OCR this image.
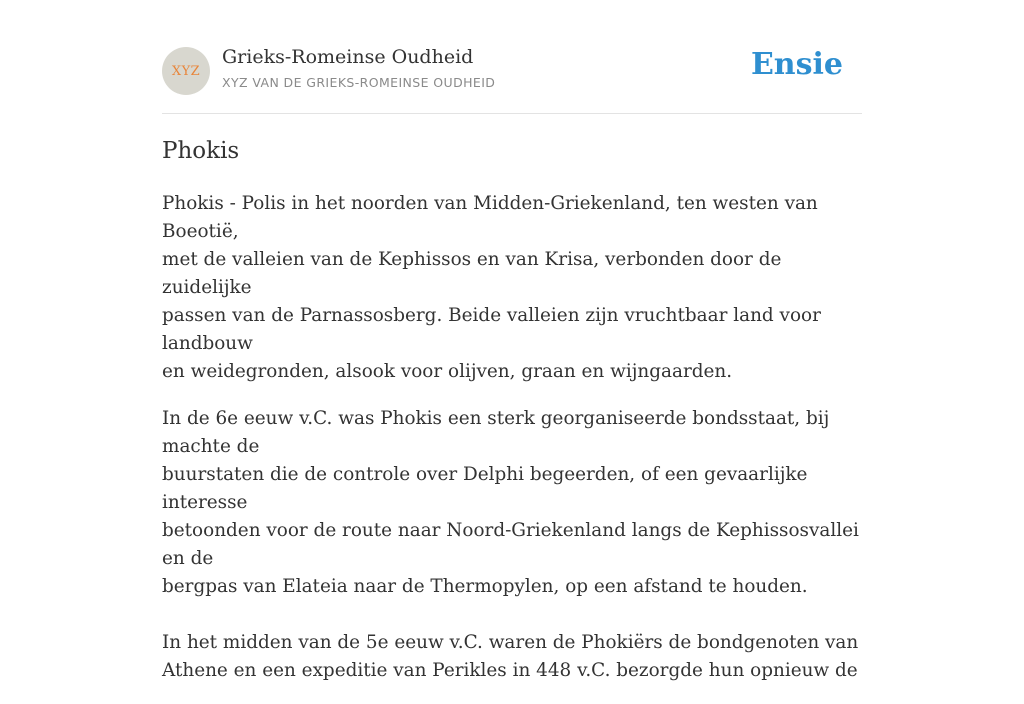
XYZ
Grieks-Romeinse Oudheid
XYZ VAN DE GRIEKS-ROMEINSE OUDHEID
Ensie
Phokis

Phokis - Polis in het noorden van Midden-Griekenland, ten westen van Boeotië,
met de valleien van de Kephissos en van Krisa, verbonden door de zuidelijke
passen van de Parnassosberg. Beide valleien zijn vruchtbaar land voor landbouw
en weidegronden, alsook voor olijven, graan en wijngaarden.

In de 6e eeuw v.C. was Phokis een sterk georganiseerde bondsstaat, bij machte de
buurstaten die de controle over Delphi begeerden, of een gevaarlijke interesse
betoonden voor de route naar Noord-Griekenland langs de Kephissosvallei en de
bergpas van Elateia naar de Thermopylen, op een afstand te houden.

In het midden van de 5e eeuw v.C. waren de Phokiërs de bondgenoten van
Athene en een expeditie van Perikles in 448 v.C. bezorgde hun opnieuw de
